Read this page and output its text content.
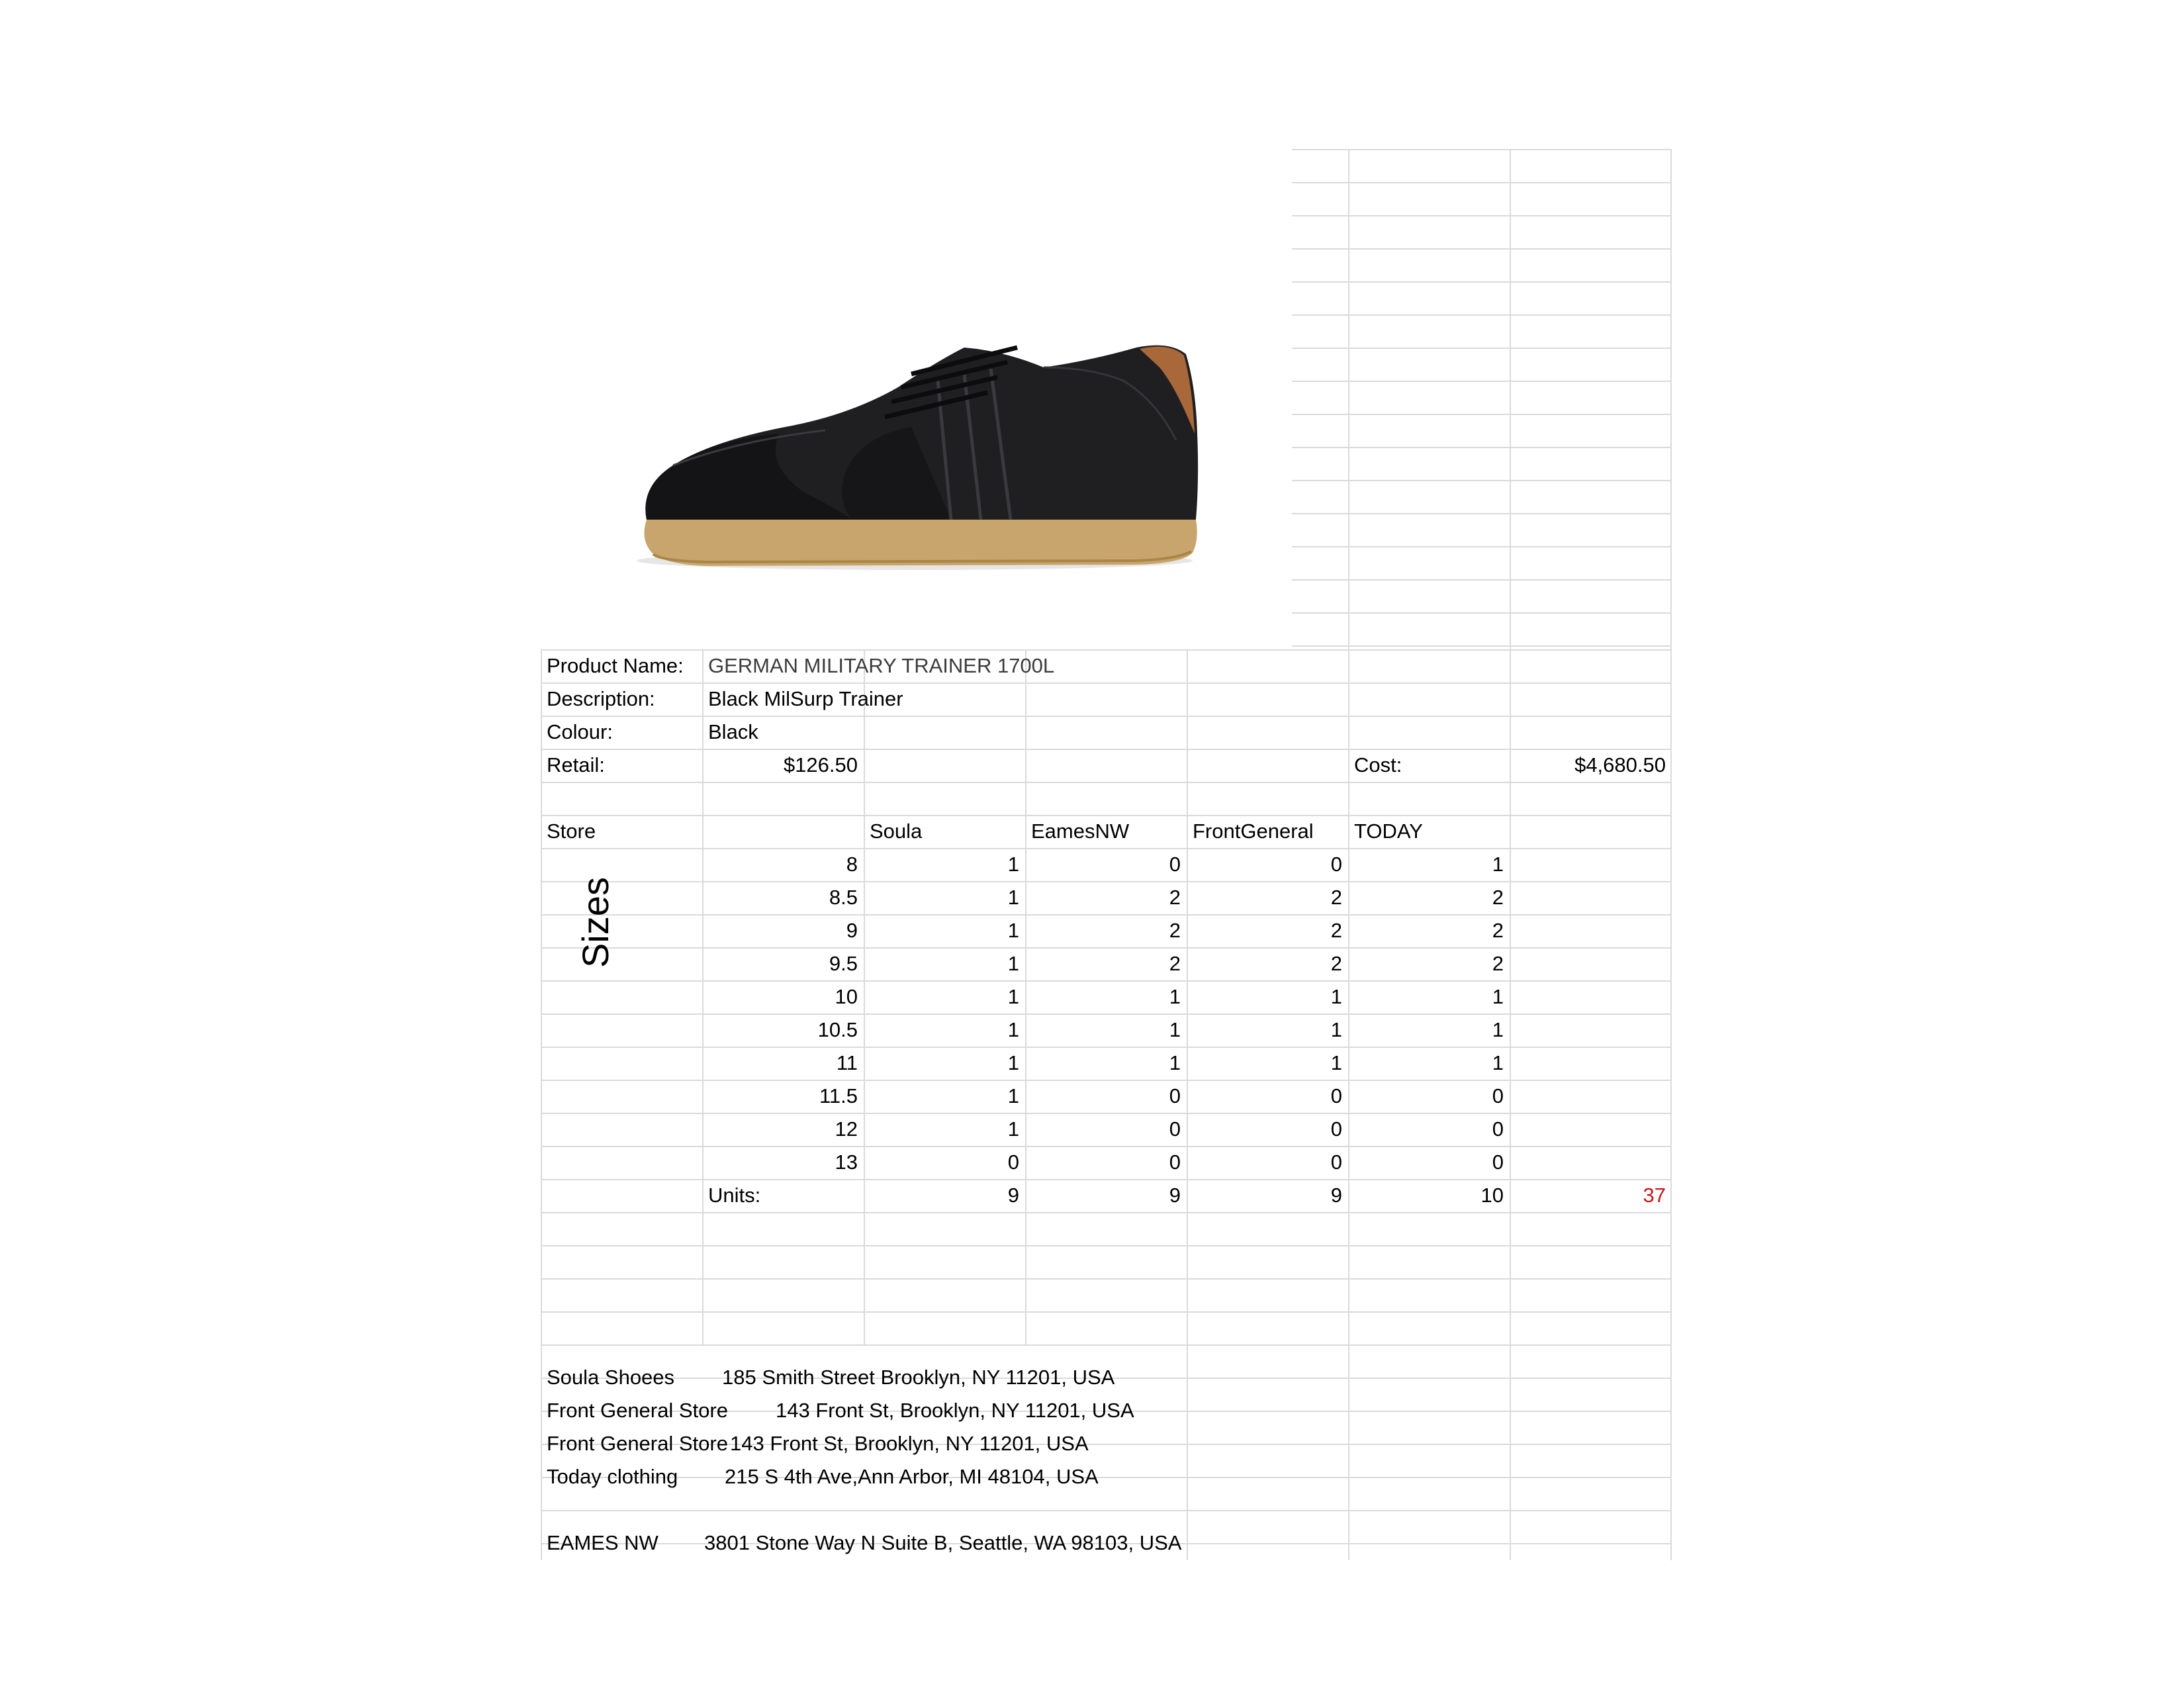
Product Name:	GERMAN MILITARY TRAINER 1700L
Description:	Black MilSurp Trainer
Colour:	Black
Retail:	$126.50	Cost:	$4,680.50
Store	Soula	EamesNW	FrontGeneral	TODAY
Sizes
8	1	0	0	1
8.5	1	2	2	2
9	1	2	2	2
9.5	1	2	2	2
10	1	1	1	1
10.5	1	1	1	1
11	1	1	1	1
11.5	1	0	0	0
12	1	0	0	0
13	0	0	0	0
Units:	9	9	9	10	37
Soula Shoees	185 Smith Street Brooklyn, NY 11201, USA
Front General Store	143 Front St, Brooklyn, NY 11201, USA
Front General Store 143 Front St, Brooklyn, NY 11201, USA
Today clothing	215 S 4th Ave,Ann Arbor, MI 48104, USA
EAMES NW	3801 Stone Way N Suite B, Seattle, WA 98103, USA
